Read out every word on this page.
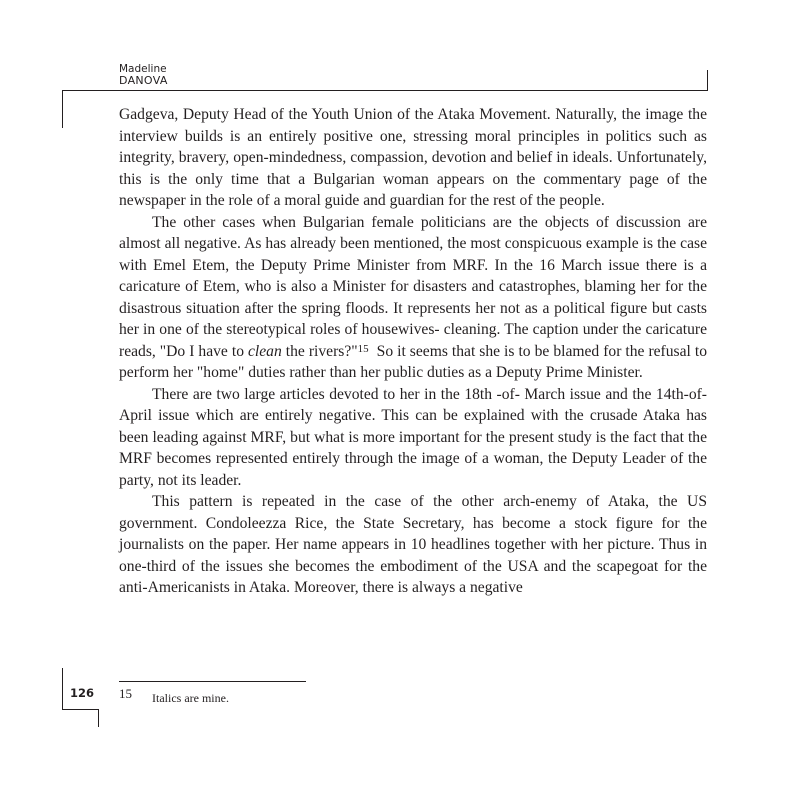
Madeline
DANOVA

Gadgeva, Deputy Head of the Youth Union of the Ataka Movement. Naturally, the image the interview builds is an entirely positive one, stressing moral principles in politics such as integrity, bravery, open-mindedness, compassion, devotion and belief in ideals. Unfortunately, this is the only time that a Bulgarian woman appears on the commentary page of the newspaper in the role of a moral guide and guardian for the rest of the people.

The other cases when Bulgarian female politicians are the objects of discussion are almost all negative. As has already been mentioned, the most conspicuous example is the case with Emel Etem, the Deputy Prime Minister from MRF. In the 16 March issue there is a caricature of Etem, who is also a Minister for disasters and catastrophes, blaming her for the disastrous situation after the spring floods. It represents her not as a political figure but casts her in one of the stereotypical roles of housewives- cleaning. The caption under the caricature reads, "Do I have to clean the rivers?"$^{15}$  So it seems that she is to be blamed for the refusal to perform her "home" duties rather than her public duties as a Deputy Prime Minister.

There are two large articles devoted to her in the 18th -of- March issue and the 14th-of- April issue which are entirely negative. This can be explained with the crusade Ataka has been leading against MRF, but what is more important for the present study is the fact that the MRF becomes represented entirely through the image of a woman, the Deputy Leader of the party, not its leader.

This pattern is repeated in the case of the other arch-enemy of Ataka, the US government. Condoleezza Rice, the State Secretary, has become a stock figure for the journalists on the paper. Her name appears in 10 headlines together with her picture. Thus in one-third of the issues she becomes the embodiment of the USA and the scapegoat for the anti-Americanists in Ataka. Moreover, there is always a negative

15 Italics are mine.
126
